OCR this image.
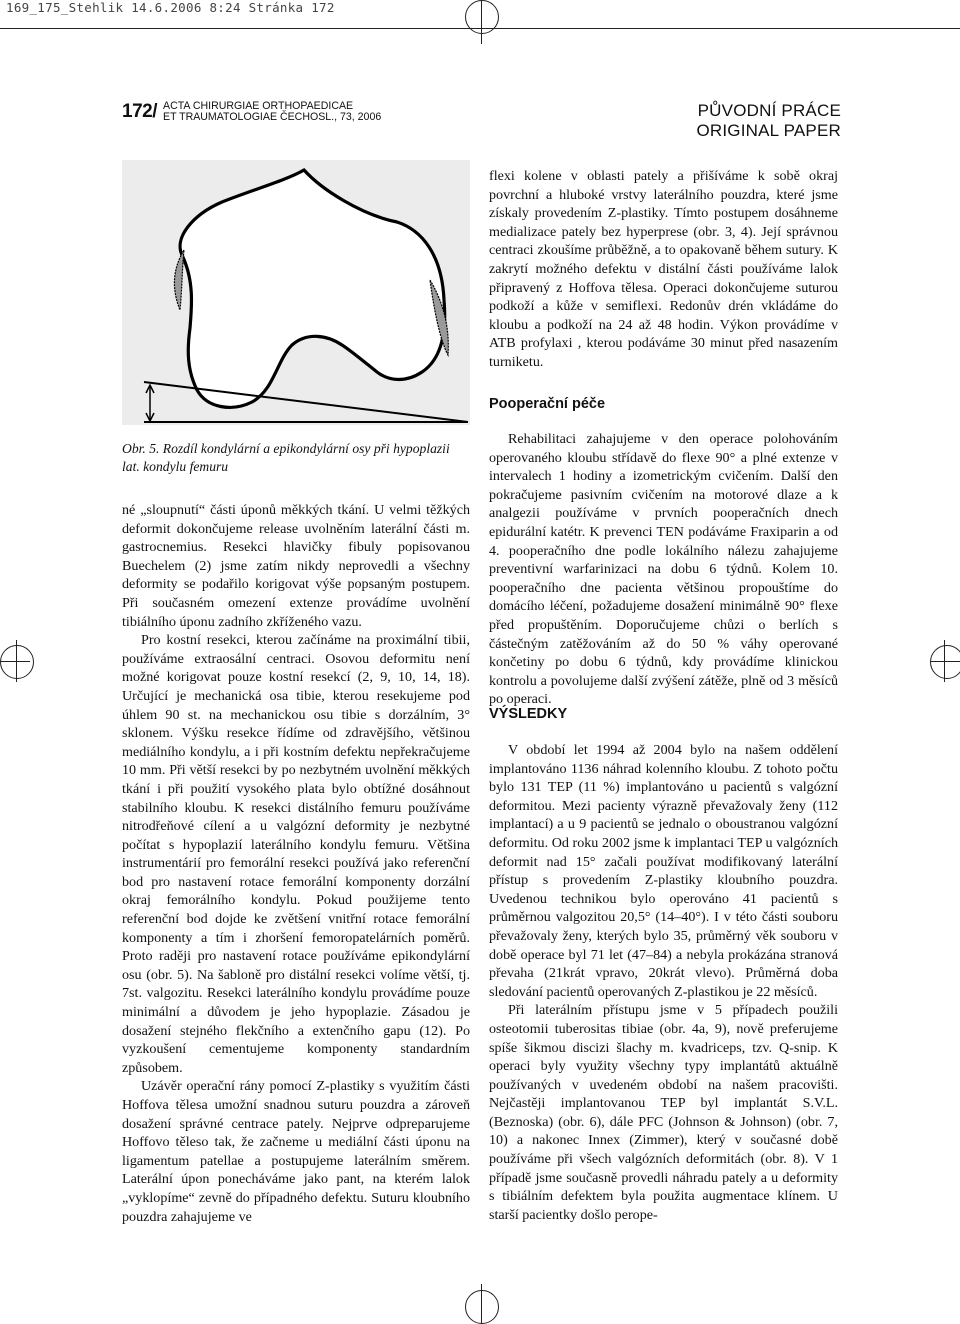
169_175_Stehlik 14.6.2006 8:24 Stránka 172
172/ ACTA CHIRURGIAE ORTHOPAEDICAE
ET TRAUMATOLOGIAE ČECHOSL., 73, 2006	PŮVODNÍ PRÁCE
ORIGINAL PAPER
Obr. 5. Rozdíl kondylární a epikondylární osy při hypoplazii lat. kondylu femuru

né „sloupnutí“ části úponů měkkých tkání. U velmi těžkých deformit dokončujeme release uvolněním laterální části m. gastrocnemius. Resekci hlavičky fibuly popisovanou Buechelem (2) jsme zatím nikdy neprovedli a všechny deformity se podařilo korigovat výše popsaným postupem. Při současném omezení extenze provádíme uvolnění tibiálního úponu zadního zkříženého vazu.

Pro kostní resekci, kterou začínáme na proximální tibii, používáme extraosální centraci. Osovou deformitu není možné korigovat pouze kostní resekcí (2, 9, 10, 14, 18). Určující je mechanická osa tibie, kterou resekujeme pod úhlem 90 st. na mechanickou osu tibie s dorzálním, 3° sklonem. Výšku resekce řídíme od zdravějšího, většinou mediálního kondylu, a i při kostním defektu nepřekračujeme 10 mm. Při větší resekci by po nezbytném uvolnění měkkých tkání i při použití vysokého plata bylo obtížné dosáhnout stabilního kloubu. K resekci distálního femuru používáme nitrodřeňové cílení a u valgózní deformity je nezbytné počítat s hypoplazií laterálního kondylu femuru. Většina instrumentárií pro femorální resekci používá jako referenční bod pro nastavení rotace femorální komponenty dorzální okraj femorálního kondylu. Pokud použijeme tento referenční bod dojde ke zvětšení vnitřní rotace femorální komponenty a tím i zhoršení femoropatelárních poměrů. Proto raději pro nastavení rotace používáme epikondylární osu (obr. 5). Na šabloně pro distální resekci volíme větší, tj. 7st. valgozitu. Resekci laterálního kondylu provádíme pouze minimální a důvodem je jeho hypoplazie. Zásadou je dosažení stejného flekčního a extenčního gapu (12). Po vyzkoušení cementujeme komponenty standardním způsobem.

Uzávěr operační rány pomocí Z-plastiky s využitím části Hoffova tělesa umožní snadnou suturu pouzdra a zároveň dosažení správné centrace pately. Nejprve odpreparujeme Hoffovo těleso tak, že začneme u mediální části úponu na ligamentum patellae a postupujeme laterálním směrem. Laterální úpon ponecháváme jako pant, na kterém lalok „vyklopíme“ zevně do případného defektu. Suturu kloubního pouzdra zahajujeme ve

flexi kolene v oblasti pately a přišíváme k sobě okraj povrchní a hluboké vrstvy laterálního pouzdra, které jsme získaly provedením Z-plastiky. Tímto postupem dosáhneme medializace pately bez hyperprese (obr. 3, 4). Její správnou centraci zkoušíme průběžně, a to opakovaně během sutury. K zakrytí možného defektu v distální části používáme lalok připravený z Hoffova tělesa. Operaci dokončujeme suturou podkoží a kůže v semiflexi. Redonův drén vkládáme do kloubu a podkoží na 24 až 48 hodin. Výkon provádíme v ATB profylaxi , kterou podáváme 30 minut před nasazením turniketu.

Pooperační péče

Rehabilitaci zahajujeme v den operace polohováním operovaného kloubu střídavě do flexe 90° a plné extenze v intervalech 1 hodiny a izometrickým cvičením. Další den pokračujeme pasivním cvičením na motorové dlaze a k analgezii používáme v prvních pooperačních dnech epidurální katétr. K prevenci TEN podáváme Fraxiparin a od 4. pooperačního dne podle lokálního nálezu zahajujeme preventivní warfarinizaci na dobu 6 týdnů. Kolem 10. pooperačního dne pacienta většinou propouštíme do domácího léčení, požadujeme dosažení minimálně 90° flexe před propuštěním. Doporučujeme chůzi o berlích s částečným zatěžováním až do 50 % váhy operované končetiny po dobu 6 týdnů, kdy provádíme klinickou kontrolu a povolujeme další zvýšení zátěže, plně od 3 měsíců po operaci.

VÝSLEDKY

V období let 1994 až 2004 bylo na našem oddělení implantováno 1136 náhrad kolenního kloubu. Z tohoto počtu bylo 131 TEP (11 %) implantováno u pacientů s valgózní deformitou. Mezi pacienty výrazně převažovaly ženy (112 implantací) a u 9 pacientů se jednalo o oboustranou valgózní deformitu. Od roku 2002 jsme k implantaci TEP u valgózních deformit nad 15° začali používat modifikovaný laterální přístup s provedením Z-plastiky kloubního pouzdra. Uvedenou technikou bylo operováno 41 pacientů s průměrnou valgozitou 20,5° (14–40°). I v této části souboru převažovaly ženy, kterých bylo 35, průměrný věk souboru v době operace byl 71 let (47–84) a nebyla prokázána stranová převaha (21krát vpravo, 20krát vlevo). Průměrná doba sledování pacientů operovaných Z-plastikou je 22 měsíců.

Při laterálním přístupu jsme v 5 případech použili osteotomii tuberositas tibiae (obr. 4a, 9), nově preferujeme spíše šikmou discizi šlachy m. kvadriceps, tzv. Q-snip. K operaci byly využity všechny typy implantátů aktuálně používaných v uvedeném období na našem pracovišti. Nejčastěji implantovanou TEP byl implantát S.V.L. (Beznoska) (obr. 6), dále PFC (Johnson & Johnson) (obr. 7, 10) a nakonec Innex (Zimmer), který v současné době používáme při všech valgózních deformitách (obr. 8). V 1 případě jsme současně provedli náhradu pately a u deformity s tibiálním defektem byla použita augmentace klínem. U starší pacientky došlo perope-
